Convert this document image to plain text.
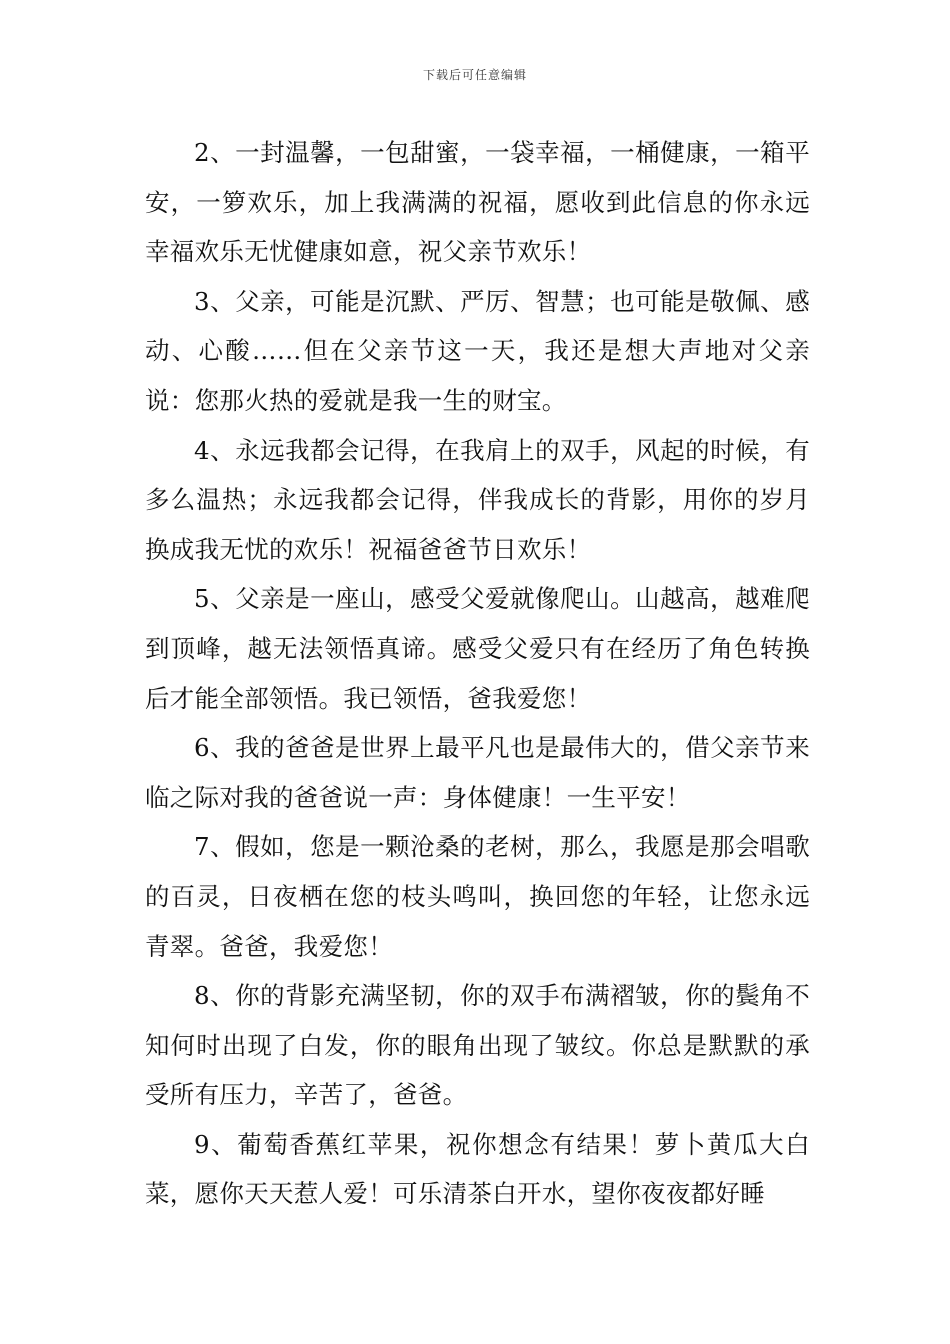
下载后可任意编辑

2、一封温馨，一包甜蜜，一袋幸福，一桶健康，一箱平安，一箩欢乐，加上我满满的祝福，愿收到此信息的你永远幸福欢乐无忧健康如意，祝父亲节欢乐！

3、父亲，可能是沉默、严厉、智慧；也可能是敬佩、感动、心酸……但在父亲节这一天，我还是想大声地对父亲说：您那火热的爱就是我一生的财宝。

4、永远我都会记得，在我肩上的双手，风起的时候，有多么温热；永远我都会记得，伴我成长的背影，用你的岁月换成我无忧的欢乐！祝福爸爸节日欢乐！

5、父亲是一座山，感受父爱就像爬山。山越高，越难爬到顶峰，越无法领悟真谛。感受父爱只有在经历了角色转换后才能全部领悟。我已领悟，爸我爱您！

6、我的爸爸是世界上最平凡也是最伟大的，借父亲节来临之际对我的爸爸说一声：身体健康！一生平安！

7、假如，您是一颗沧桑的老树，那么，我愿是那会唱歌的百灵，日夜栖在您的枝头鸣叫，换回您的年轻，让您永远青翠。爸爸，我爱您！

8、你的背影充满坚韧，你的双手布满褶皱，你的鬓角不知何时出现了白发，你的眼角出现了皱纹。你总是默默的承受所有压力，辛苦了，爸爸。

9、葡萄香蕉红苹果，祝你想念有结果！萝卜黄瓜大白菜，愿你天天惹人爱！可乐清茶白开水，望你夜夜都好睡
